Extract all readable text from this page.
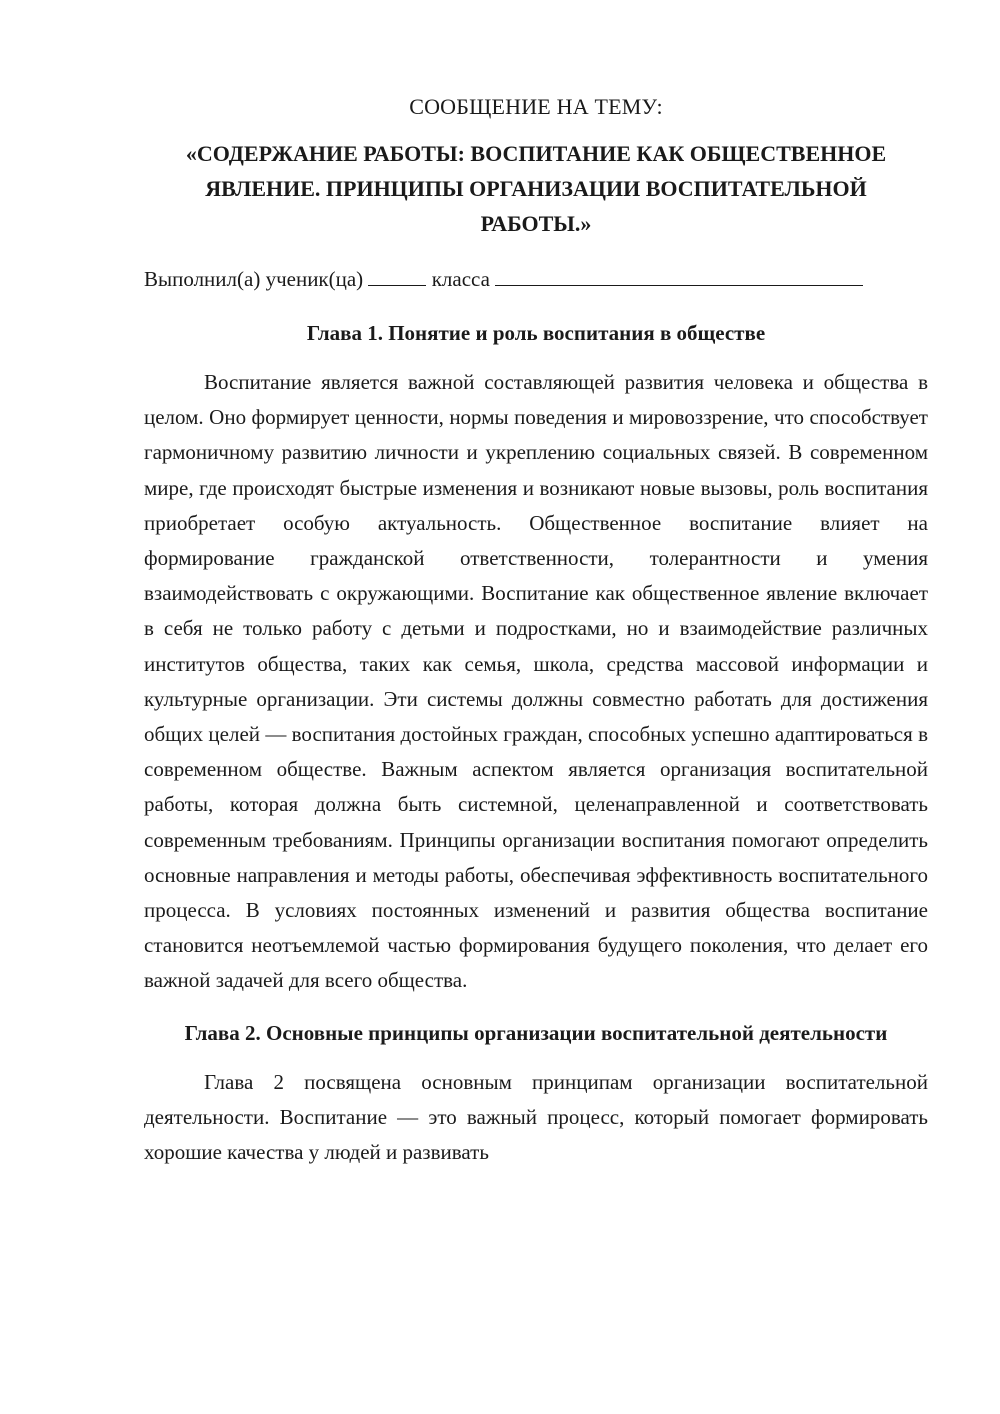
СООБЩЕНИЕ НА ТЕМУ:
«СОДЕРЖАНИЕ РАБОТЫ: ВОСПИТАНИЕ КАК ОБЩЕСТВЕННОЕ ЯВЛЕНИЕ. ПРИНЦИПЫ ОРГАНИЗАЦИИ ВОСПИТАТЕЛЬНОЙ РАБОТЫ.»
Выполнил(а) ученик(ца)	класса
Глава 1. Понятие и роль воспитания в обществе

Воспитание является важной составляющей развития человека и общества в целом. Оно формирует ценности, нормы поведения и мировоззрение, что способствует гармоничному развитию личности и укреплению социальных связей. В современном мире, где происходят быстрые изменения и возникают новые вызовы, роль воспитания приобретает особую актуальность. Общественное воспитание влияет на формирование гражданской ответственности, толерантности и умения взаимодействовать с окружающими. Воспитание как общественное явление включает в себя не только работу с детьми и подростками, но и взаимодействие различных институтов общества, таких как семья, школа, средства массовой информации и культурные организации. Эти системы должны совместно работать для достижения общих целей — воспитания достойных граждан, способных успешно адаптироваться в современном обществе. Важным аспектом является организация воспитательной работы, которая должна быть системной, целенаправленной и соответствовать современным требованиям. Принципы организации воспитания помогают определить основные направления и методы работы, обеспечивая эффективность воспитательного процесса. В условиях постоянных изменений и развития общества воспитание становится неотъемлемой частью формирования будущего поколения, что делает его важной задачей для всего общества.

Глава 2. Основные принципы организации воспитательной деятельности

Глава 2 посвящена основным принципам организации воспитательной деятельности. Воспитание — это важный процесс, который помогает формировать хорошие качества у людей и развивать
